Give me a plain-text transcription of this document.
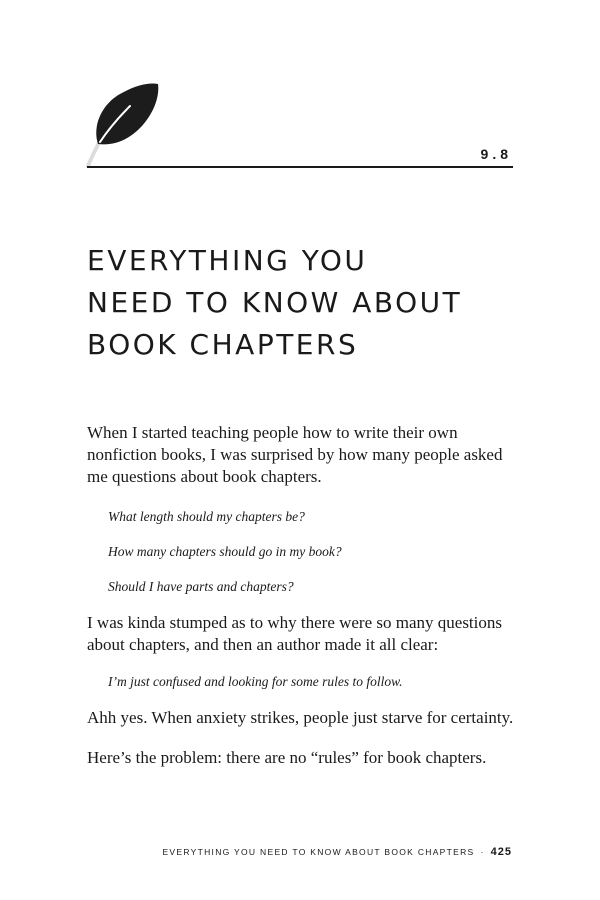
9.8
EVERYTHING YOU
NEED TO KNOW ABOUT
BOOK CHAPTERS

When I started teaching people how to write their own nonfiction books, I was surprised by how many people asked me questions about book chapters.

What length should my chapters be?

How many chapters should go in my book?

Should I have parts and chapters?

I was kinda stumped as to why there were so many questions about chapters, and then an author made it all clear:

I’m just confused and looking for some rules to follow.

Ahh yes. When anxiety strikes, people just starve for certainty.

Here’s the problem: there are no “rules” for book chapters.

EVERYTHING YOU NEED TO KNOW ABOUT BOOK CHAPTERS · 425
